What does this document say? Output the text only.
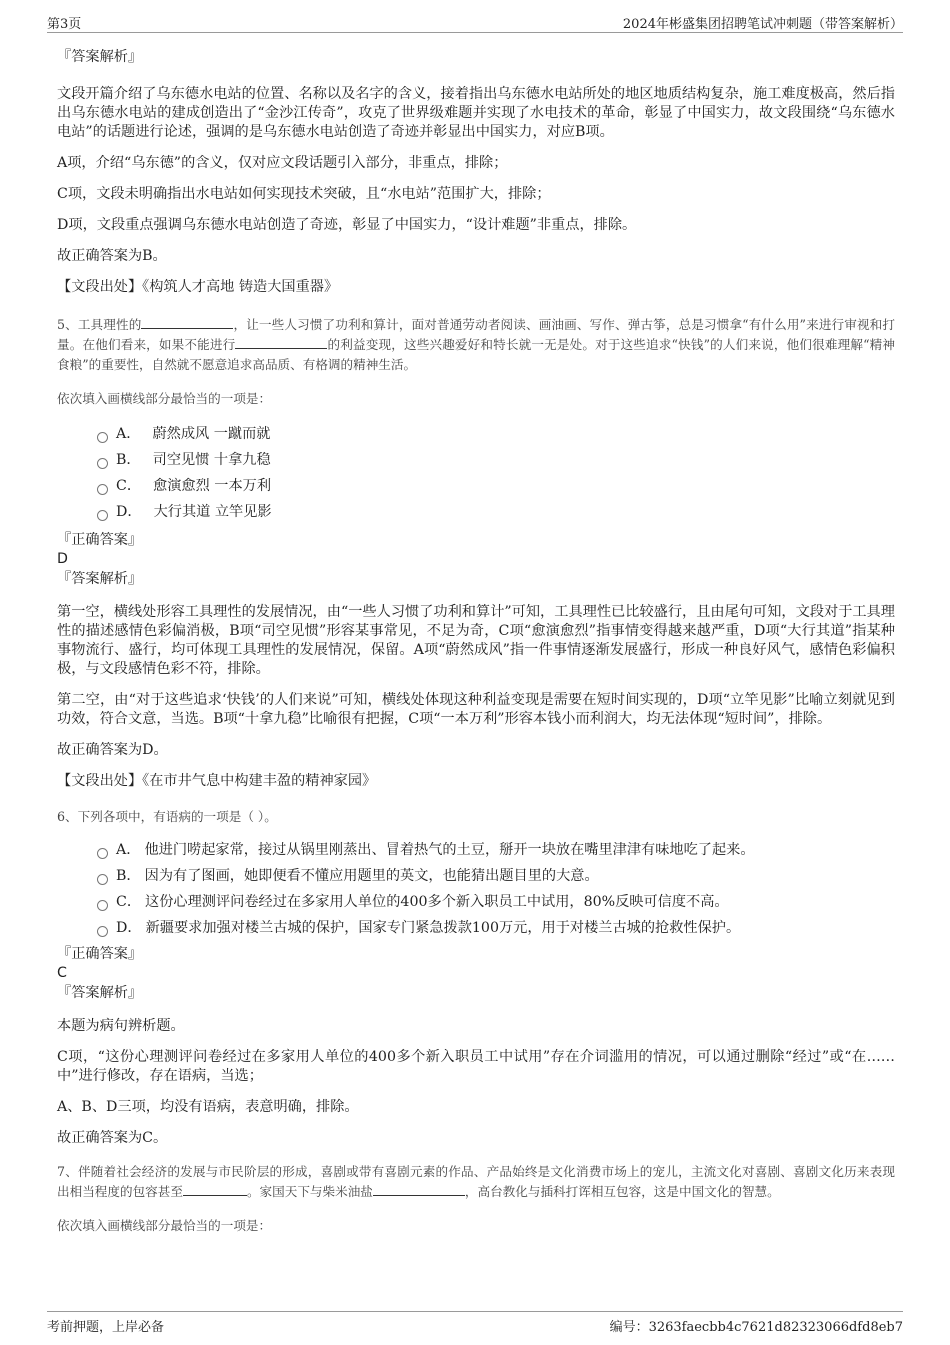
第3页	2024年彬盛集团招聘笔试冲刺题（带答案解析）

『答案解析』

文段开篇介绍了乌东德水电站的位置、名称以及名字的含义，接着指出乌东德水电站所处的地区地质结构复杂，施工难度极高，然后指出乌东德水电站的建成创造出了“金沙江传奇”，攻克了世界级难题并实现了水电技术的革命，彰显了中国实力，故文段围绕“乌东德水电站”的话题进行论述，强调的是乌东德水电站创造了奇迹并彰显出中国实力，对应B项。

A项，介绍“乌东德”的含义，仅对应文段话题引入部分，非重点，排除；

C项，文段未明确指出水电站如何实现技术突破，且“水电站”范围扩大，排除；

D项，文段重点强调乌东德水电站创造了奇迹，彰显了中国实力，“设计难题”非重点，排除。

故正确答案为B。

【文段出处】《构筑人才高地 铸造大国重器》

5、工具理性的	，让一些人习惯了功利和算计，面对普通劳动者阅读、画油画、写作、弹古筝，总是习惯拿“有什么用”来进行审视和打量。在他们看来，如果不能进行	的利益变现，这些兴趣爱好和特长就一无是处。对于这些追求“快钱”的人们来说，他们很难理解“精神食粮”的重要性，自然就不愿意追求高品质、有格调的精神生活。

依次填入画横线部分最恰当的一项是：

A． 蔚然成风 一蹴而就
B． 司空见惯 十拿九稳
C． 愈演愈烈 一本万利
D． 大行其道 立竿见影

『正确答案』

D

『答案解析』

第一空，横线处形容工具理性的发展情况，由“一些人习惯了功利和算计”可知，工具理性已比较盛行，且由尾句可知，文段对于工具理性的描述感情色彩偏消极，B项“司空见惯”形容某事常见，不足为奇，C项“愈演愈烈”指事情变得越来越严重，D项“大行其道”指某种事物流行、盛行，均可体现工具理性的发展情况，保留。A项“蔚然成风”指一件事情逐渐发展盛行，形成一种良好风气，感情色彩偏积极，与文段感情色彩不符，排除。

第二空，由“对于这些追求‘快钱’的人们来说”可知，横线处体现这种利益变现是需要在短时间实现的，D项“立竿见影”比喻立刻就见到功效，符合文意，当选。B项“十拿九稳”比喻很有把握，C项“一本万利”形容本钱小而利润大，均无法体现“短时间”，排除。

故正确答案为D。

【文段出处】《在市井气息中构建丰盈的精神家园》

6、下列各项中，有语病的一项是（ ）。

A． 他进门唠起家常，接过从锅里刚蒸出、冒着热气的土豆，掰开一块放在嘴里津津有味地吃了起来。
B． 因为有了图画，她即便看不懂应用题里的英文，也能猜出题目里的大意。
C． 这份心理测评问卷经过在多家用人单位的400多个新入职员工中试用，80%反映可信度不高。
D． 新疆要求加强对楼兰古城的保护，国家专门紧急拨款100万元，用于对楼兰古城的抢救性保护。

『正确答案』

C

『答案解析』

本题为病句辨析题。

C项，“这份心理测评问卷经过在多家用人单位的400多个新入职员工中试用”存在介词滥用的情况，可以通过删除“经过”或“在……中”进行修改，存在语病，当选；

A、B、D三项，均没有语病，表意明确，排除。

故正确答案为C。

7、伴随着社会经济的发展与市民阶层的形成，喜剧或带有喜剧元素的作品、产品始终是文化消费市场上的宠儿，主流文化对喜剧、喜剧文化历来表现出相当程度的包容甚至	。家国天下与柴米油盐	，高台教化与插科打诨相互包容，这是中国文化的智慧。

依次填入画横线部分最恰当的一项是：

考前押题，上岸必备	编号：3263faecbb4c7621d82323066dfd8eb7
